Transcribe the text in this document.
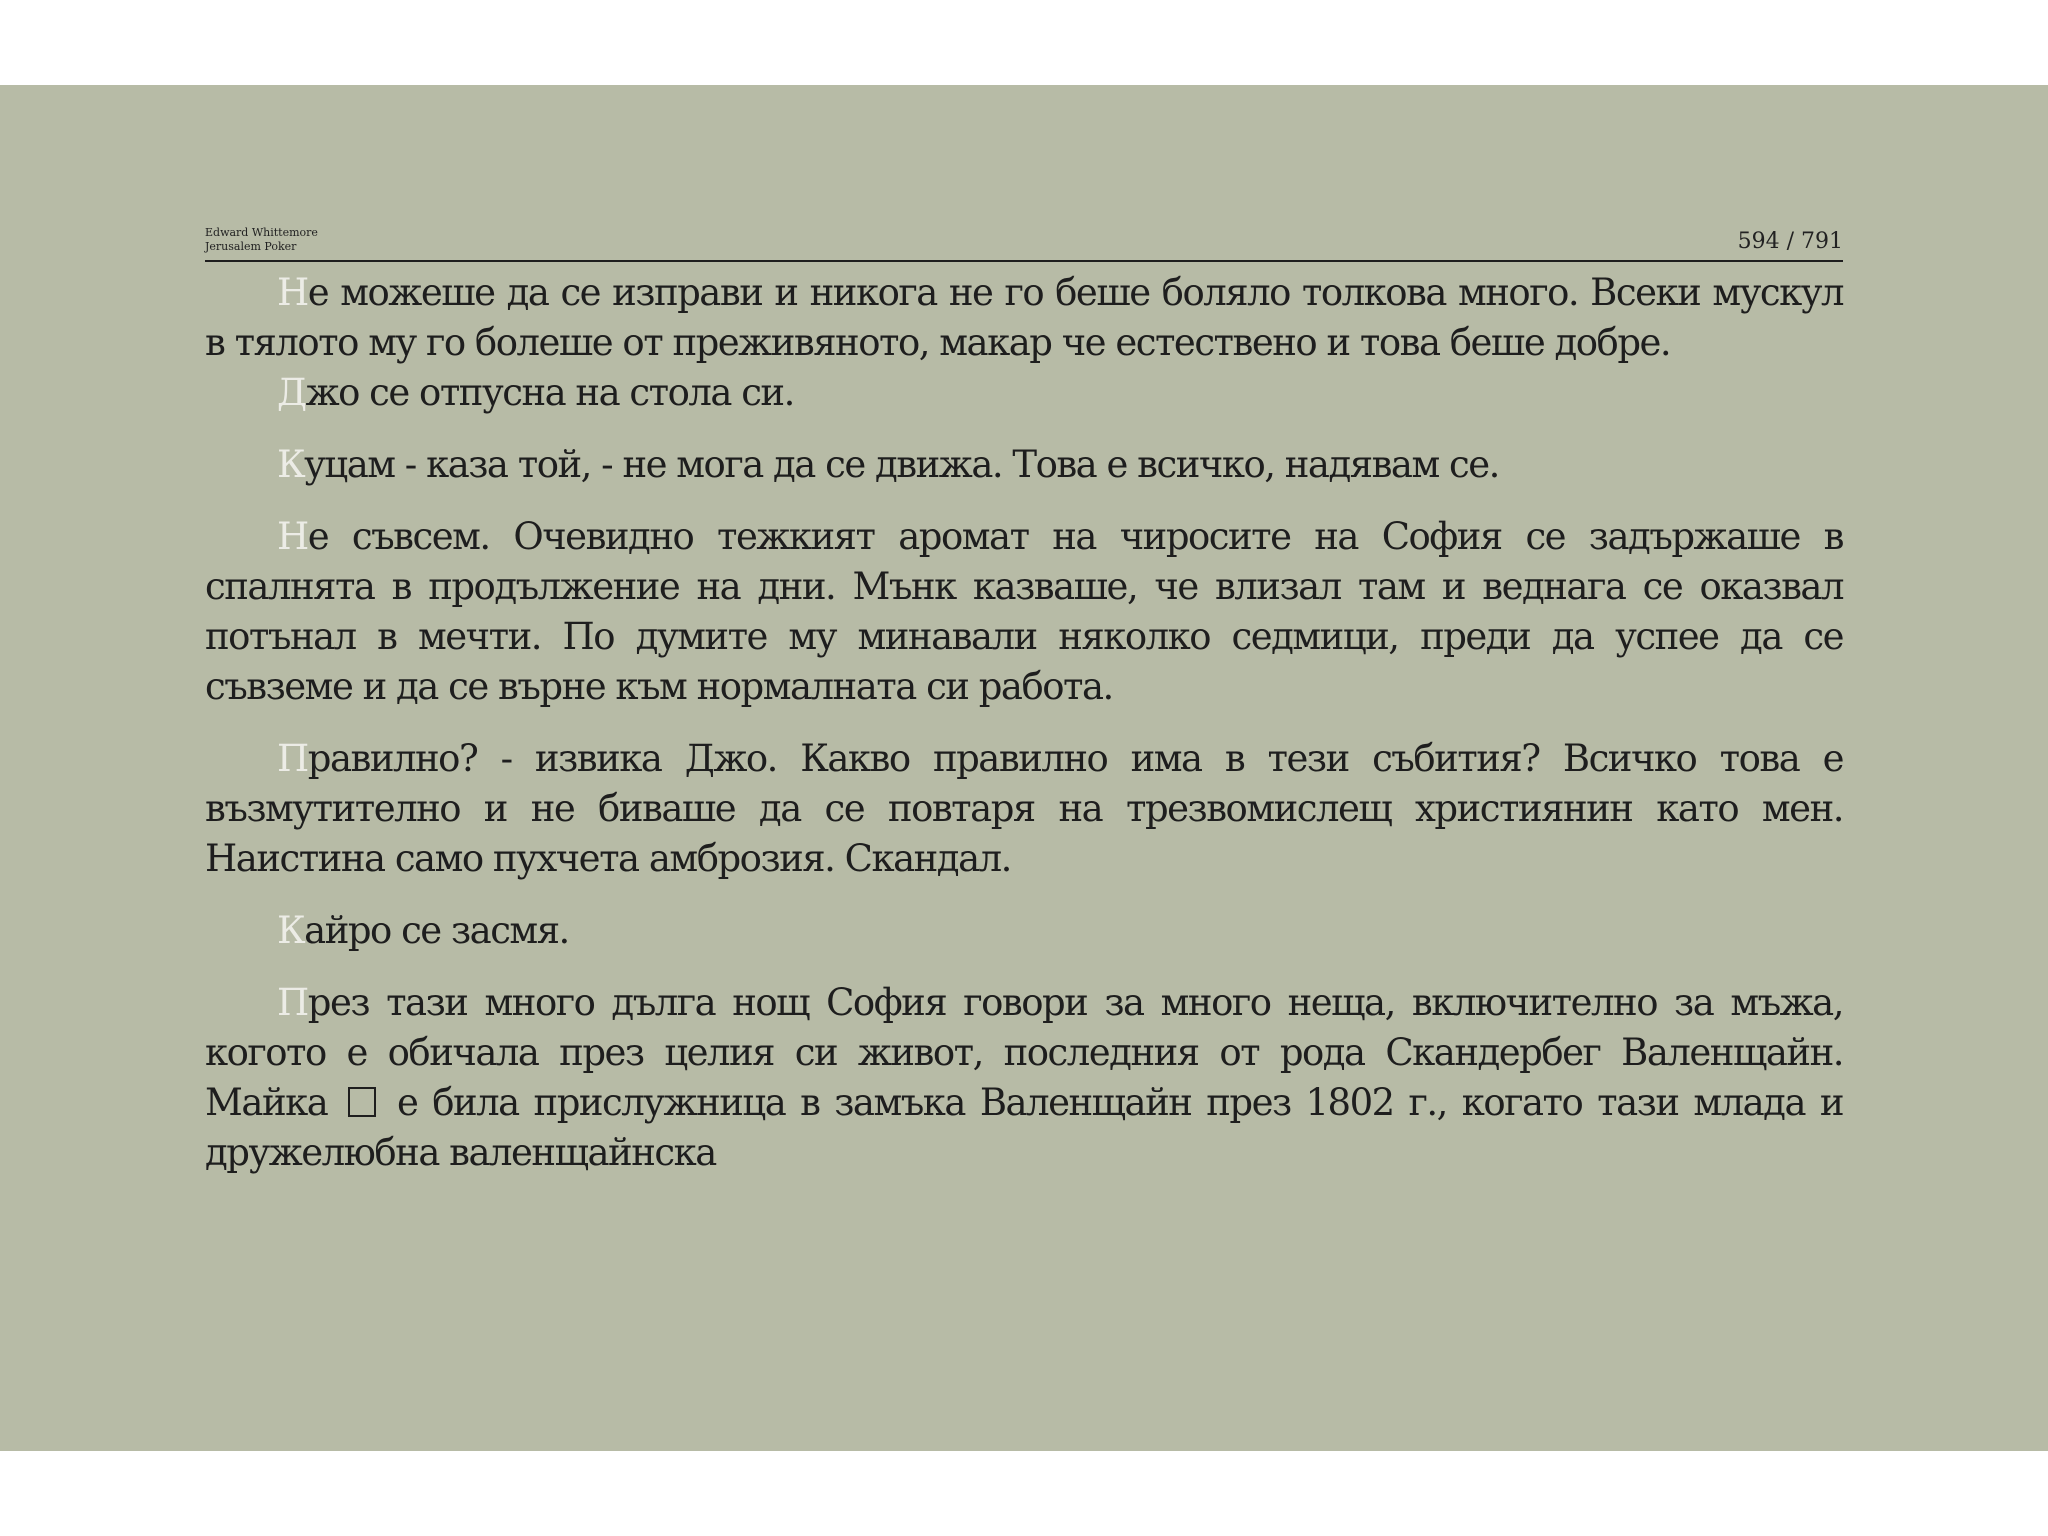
Edward Whittemore
Jerusalem Poker	594 / 791

Не можеше да се изправи и никога не го беше боляло толкова много. Всеки мускул в тялото му го болеше от преживяното, макар че естествено и това беше добре.

Джо се отпусна на стола си.

Куцам - каза той, - не мога да се движа. Това е всичко, надявам се.

Не съвсем. Очевидно тежкият аромат на чиросите на София се задържаше в спалнята в продължение на дни. Мънк казваше, че влизал там и веднага се оказвал потънал в мечти. По думите му минавали няколко седмици, преди да успее да се съвземе и да се върне към нормалната си работа.

Правилно? - извика Джо. Какво правилно има в тези събития? Всичко това е възмутително и не биваше да се повтаря на трезвомислещ християнин като мен. Наистина само пухчета амброзия. Скандал.

Кайро се засмя.

През тази много дълга нощ София говори за много неща, включително за мъжа, когото е обичала през целия си живот, последния от рода Скандербег Валенщайн. Майка е била прислужница в замъка Валенщайн през 1802 г., когато тази млада и дружелюбна валенщайнска
